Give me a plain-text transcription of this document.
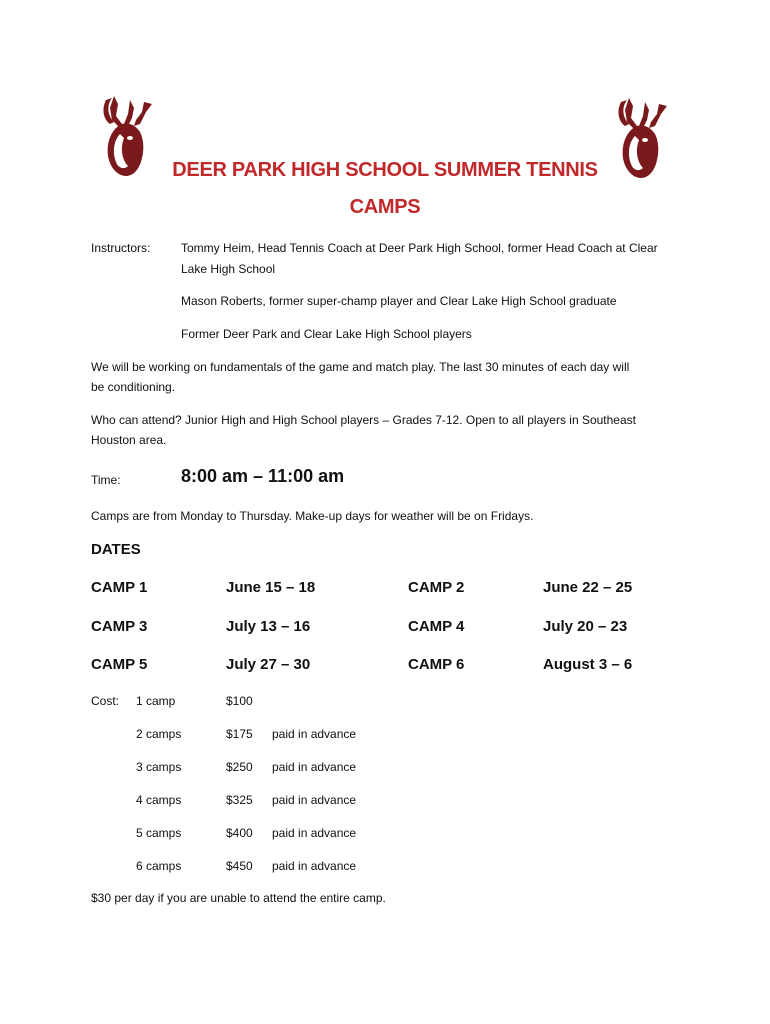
DEER PARK HIGH SCHOOL SUMMER TENNIS
CAMPS
Instructors:	Tommy Heim, Head Tennis Coach at Deer Park High School, former Head Coach at Clear
Lake High School
Mason Roberts, former super-champ player and Clear Lake High School graduate
Former Deer Park and Clear Lake High School players
We will be working on fundamentals of the game and match play. The last 30 minutes of each day will
be conditioning.
Who can attend? Junior High and High School players – Grades 7-12. Open to all players in Southeast
Houston area.
Time:	8:00 am – 11:00 am
Camps are from Monday to Thursday. Make-up days for weather will be on Fridays.
DATES
CAMP 1	June 15 – 18	CAMP 2	June 22 – 25
CAMP 3	July 13 – 16	CAMP 4	July 20 – 23
CAMP 5	July 27 – 30	CAMP 6	August 3 – 6
Cost: 1 camp	$100
2 camps	$175 paid in advance
3 camps	$250 paid in advance
4 camps	$325 paid in advance
5 camps	$400 paid in advance
6 camps	$450 paid in advance
$30 per day if you are unable to attend the entire camp.
